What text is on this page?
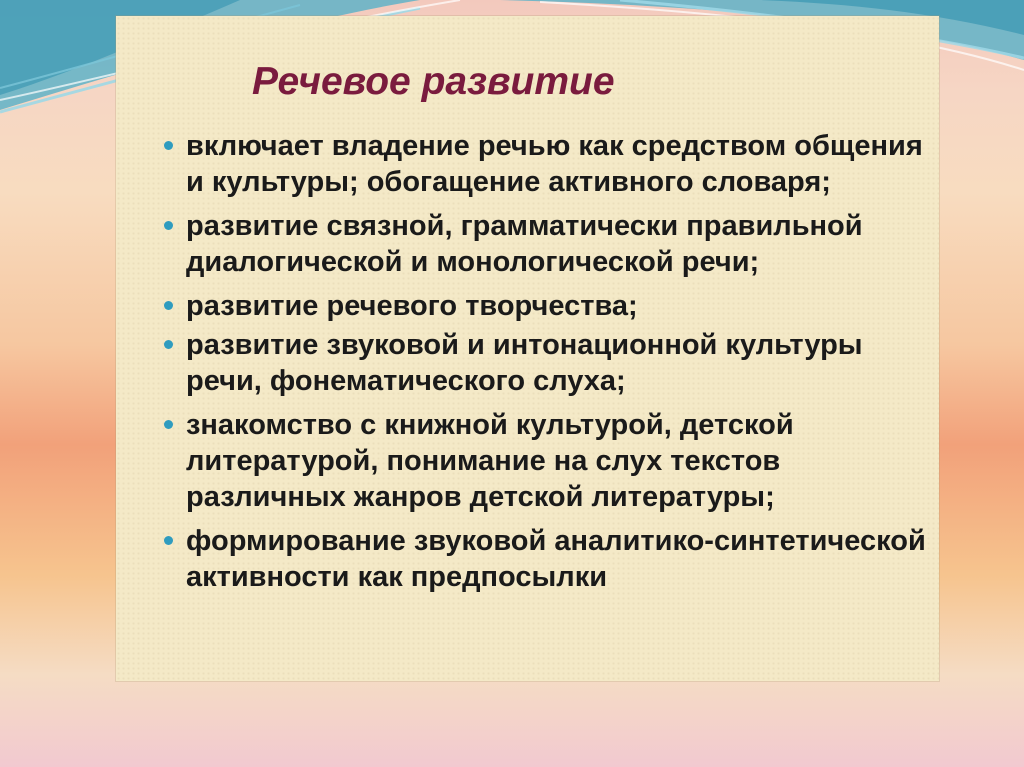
Речевое развитие
включает владение речью как средством общения и культуры; обогащение активного словаря;
развитие связной, грамматически правильной диалогической и монологической речи;
развитие речевого творчества;
развитие звуковой и интонационной культуры речи, фонематического слуха;
знакомство с книжной культурой, детской литературой, понимание на слух текстов различных жанров детской литературы;
формирование звуковой аналитико-синтетической активности как предпосылки
